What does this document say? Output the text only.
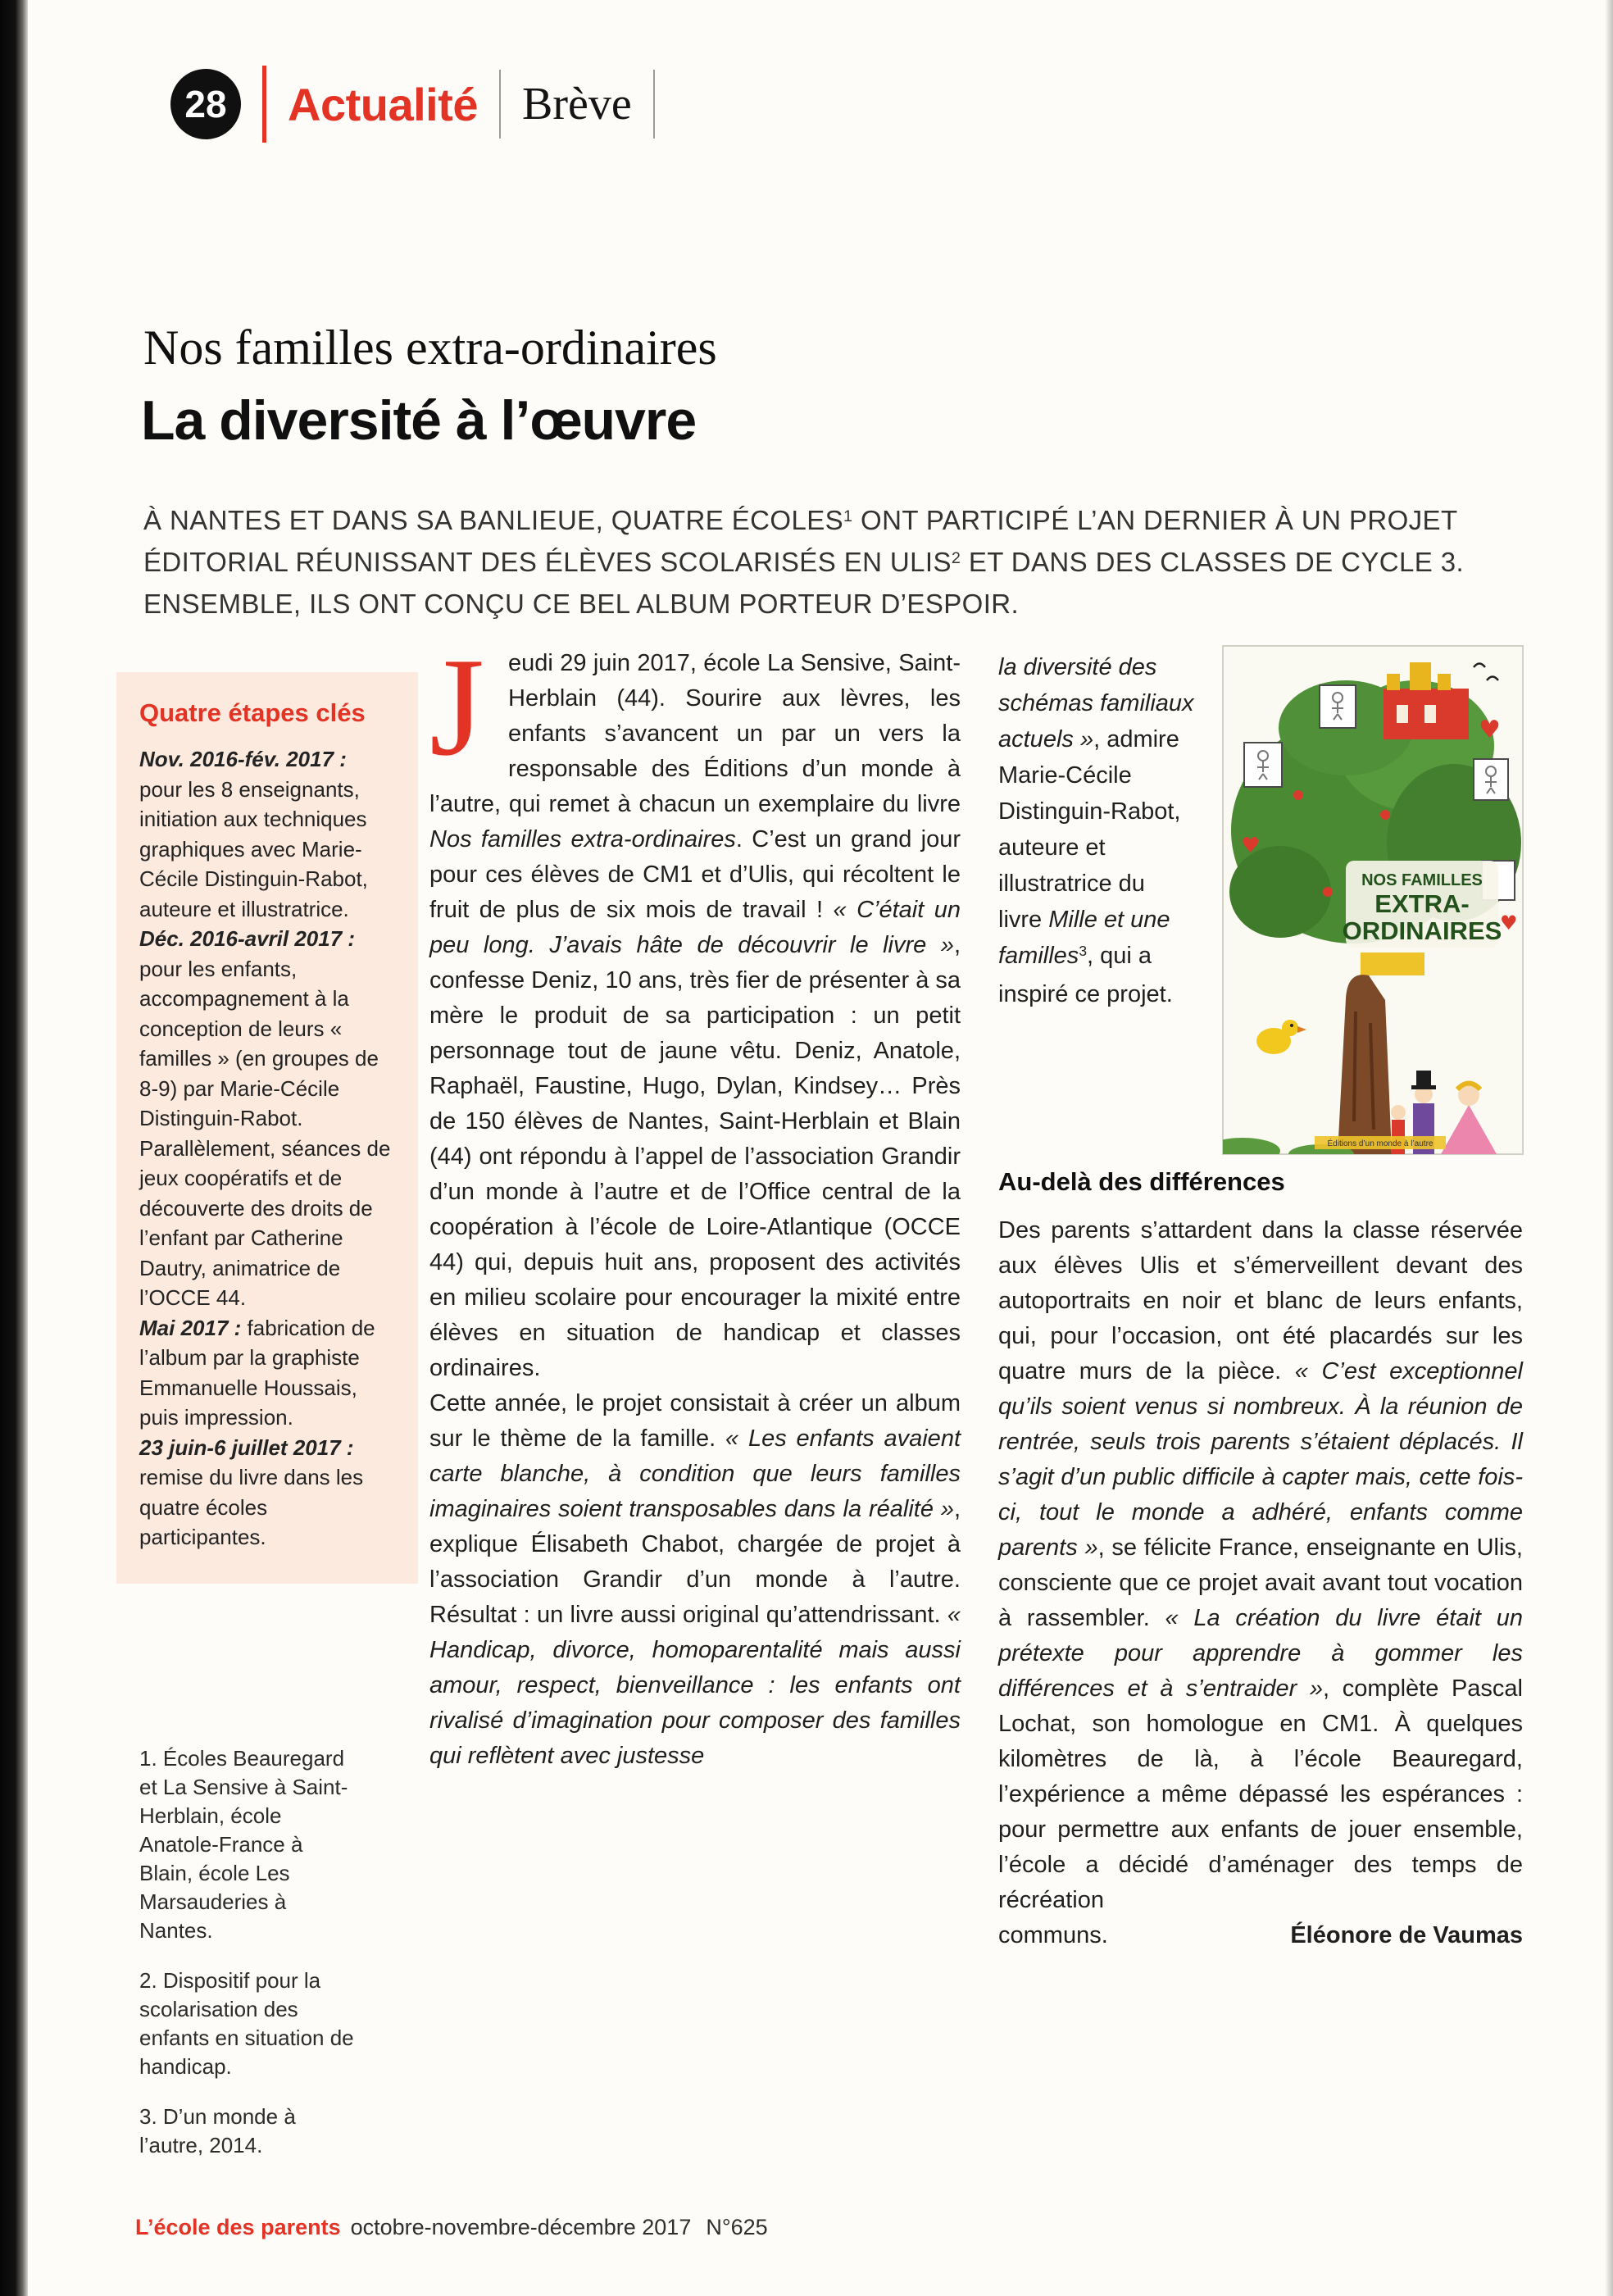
28 Actualité Brève
Nos familles extra-ordinaires
La diversité à l’œuvre

À NANTES ET DANS SA BANLIEUE, QUATRE ÉCOLES$^1$ ONT PARTICIPÉ L’AN DERNIER À UN PROJET ÉDITORIAL RÉUNISSANT DES ÉLÈVES SCOLARISÉS EN ULIS$^2$ ET DANS DES CLASSES DE CYCLE 3. ENSEMBLE, ILS ONT CONÇU CE BEL ALBUM PORTEUR D’ESPOIR.

Quatre étapes clés
Nov. 2016-fév. 2017 : pour les 8 enseignants, initiation aux techniques graphiques avec Marie-Cécile Distinguin-Rabot, auteure et illustratrice.
Déc. 2016-avril 2017 : pour les enfants, accompagnement à la conception de leurs « familles » (en groupes de 8-9) par Marie-Cécile Distinguin-Rabot. Parallèlement, séances de jeux coopératifs et de découverte des droits de l’enfant par Catherine Dautry, animatrice de l’OCCE 44.
Mai 2017 : fabrication de l’album par la graphiste Emmanuelle Houssais, puis impression.
23 juin-6 juillet 2017 : remise du livre dans les quatre écoles participantes.

1. Écoles Beauregard et La Sensive à Saint-Herblain, école Anatole-France à Blain, école Les Marsauderies à Nantes.

2. Dispositif pour la scolarisation des enfants en situation de handicap.

3. D’un monde à l’autre, 2014.

J	eudi 29 juin 2017, école La Sensive, Saint-Herblain (44). Sourire aux lèvres, les enfants s’avancent un par un vers la responsable des Éditions d’un monde à l’autre, qui remet à chacun un exemplaire du livre Nos familles extra-ordinaires. C’est un grand jour pour ces élèves de CM1 et d’Ulis, qui récoltent le fruit de plus de six mois de travail ! « C’était un peu long. J’avais hâte de découvrir le livre », confesse Deniz, 10 ans, très fier de présenter à sa mère le produit de sa participation : un petit personnage tout de jaune vêtu. Deniz, Anatole, Raphaël, Faustine, Hugo, Dylan, Kindsey… Près de 150 élèves de Nantes, Saint-Herblain et Blain (44) ont répondu à l’appel de l’association Grandir d’un monde à l’autre et de l’Office central de la coopération à l’école de Loire-Atlantique (OCCE 44) qui, depuis huit ans, proposent des activités en milieu scolaire pour encourager la mixité entre élèves en situation de handicap et classes ordinaires.

Cette année, le projet consistait à créer un album sur le thème de la famille. « Les enfants avaient carte blanche, à condition que leurs familles imaginaires soient transposables dans la réalité », explique Élisabeth Chabot, chargée de projet à l’association Grandir d’un monde à l’autre. Résultat : un livre aussi original qu’attendrissant. « Handicap, divorce, homoparentalité mais aussi amour, respect, bienveillance : les enfants ont rivalisé d’imagination pour composer des familles qui reflètent avec justesse

la diversité des schémas familiaux actuels », admire Marie-Cécile Distinguin-Rabot, auteure et illustratrice du livre Mille et une familles$^3$, qui a inspiré ce projet.

♥
♥
♥
NOS FAMILLES
EXTRA-
ORDINAIRES
Éditions d’un monde à l’autre
Au-delà des différences

Des parents s’attardent dans la classe réservée aux élèves Ulis et s’émerveillent devant des autoportraits en noir et blanc de leurs enfants, qui, pour l’occasion, ont été placardés sur les quatre murs de la pièce. « C’est exceptionnel qu’ils soient venus si nombreux. À la réunion de rentrée, seuls trois parents s’étaient déplacés. Il s’agit d’un public difficile à capter mais, cette fois-ci, tout le monde a adhéré, enfants comme parents », se félicite France, enseignante en Ulis, consciente que ce projet avait avant tout vocation à rassembler. « La création du livre était un prétexte pour apprendre à gommer les différences et à s’entraider », complète Pascal Lochat, son homologue en CM1. À quelques kilomètres de là, à l’école Beauregard, l’expérience a même dépassé les espérances : pour permettre aux enfants de jouer ensemble, l’école a décidé d’aménager des temps de récréation

communs.	Éléonore de Vaumas
L’école des parents octobre-novembre-décembre 2017 N°625
